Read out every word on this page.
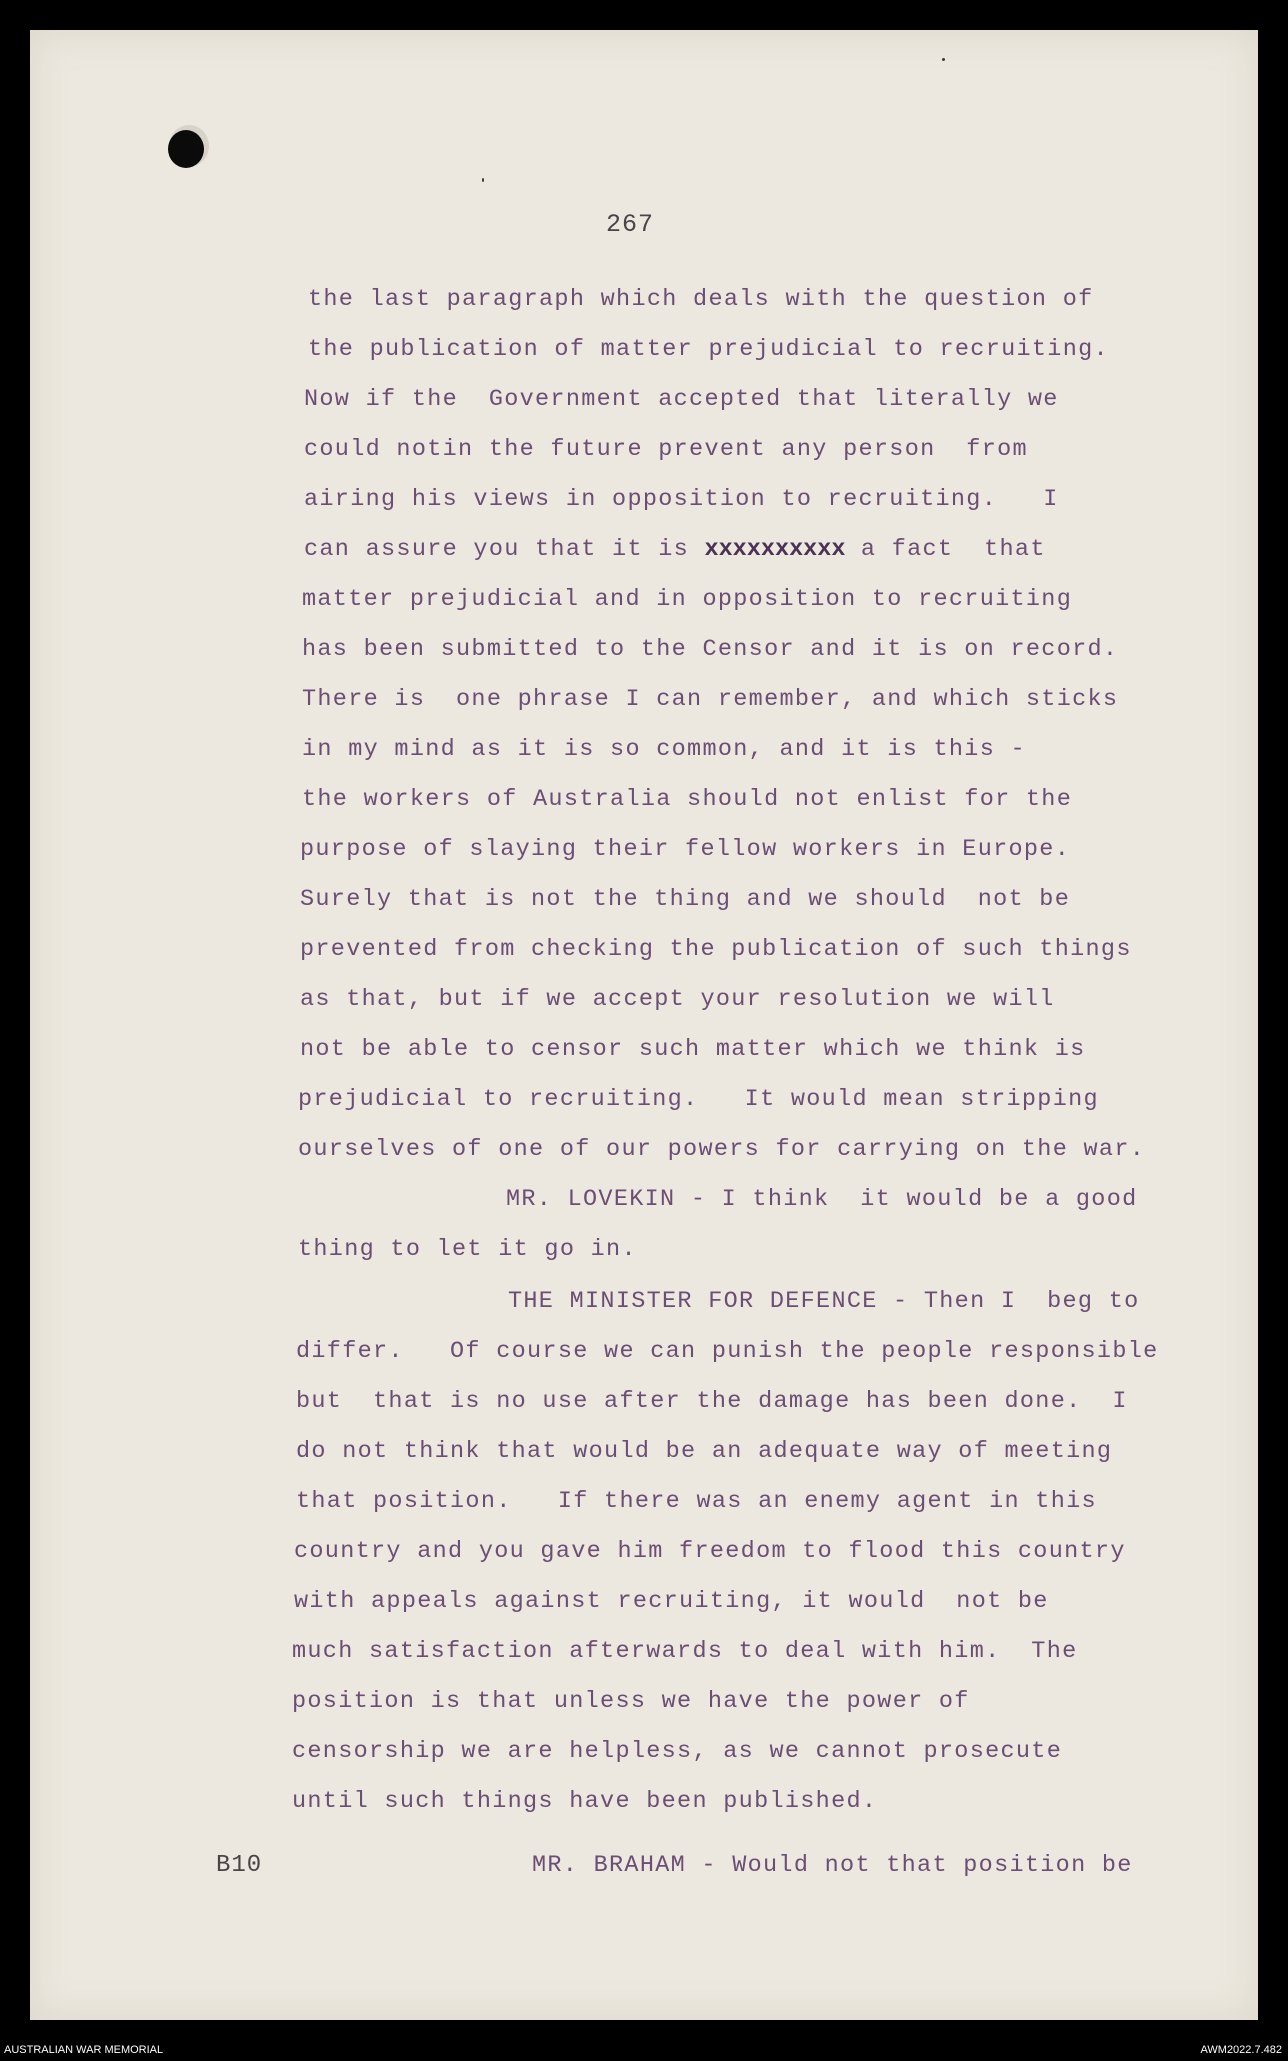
267
the last paragraph which deals with the question of
the publication of matter prejudicial to recruiting.
Now if the  Government accepted that literally we
could notin the future prevent any person  from
airing his views in opposition to recruiting.   I
can assure you that it is xxxxxxxxxx a fact  that
matter prejudicial and in opposition to recruiting
has been submitted to the Censor and it is on record.
There is  one phrase I can remember, and which sticks
in my mind as it is so common, and it is this -
the workers of Australia should not enlist for the
purpose of slaying their fellow workers in Europe.
Surely that is not the thing and we should  not be
prevented from checking the publication of such things
as that, but if we accept your resolution we will
not be able to censor such matter which we think is
prejudicial to recruiting.   It would mean stripping
ourselves of one of our powers for carrying on the war.
MR. LOVEKIN - I think  it would be a good
thing to let it go in.
THE MINISTER FOR DEFENCE - Then I  beg to
differ.   Of course we can punish the people responsible
but  that is no use after the damage has been done.  I
do not think that would be an adequate way of meeting
that position.   If there was an enemy agent in this
country and you gave him freedom to flood this country
with appeals against recruiting, it would  not be
much satisfaction afterwards to deal with him.  The
position is that unless we have the power of
censorship we are helpless, as we cannot prosecute
until such things have been published.
MR. BRAHAM - Would not that position be
B10
AUSTRALIAN WAR MEMORIAL	AWM2022.7.482
